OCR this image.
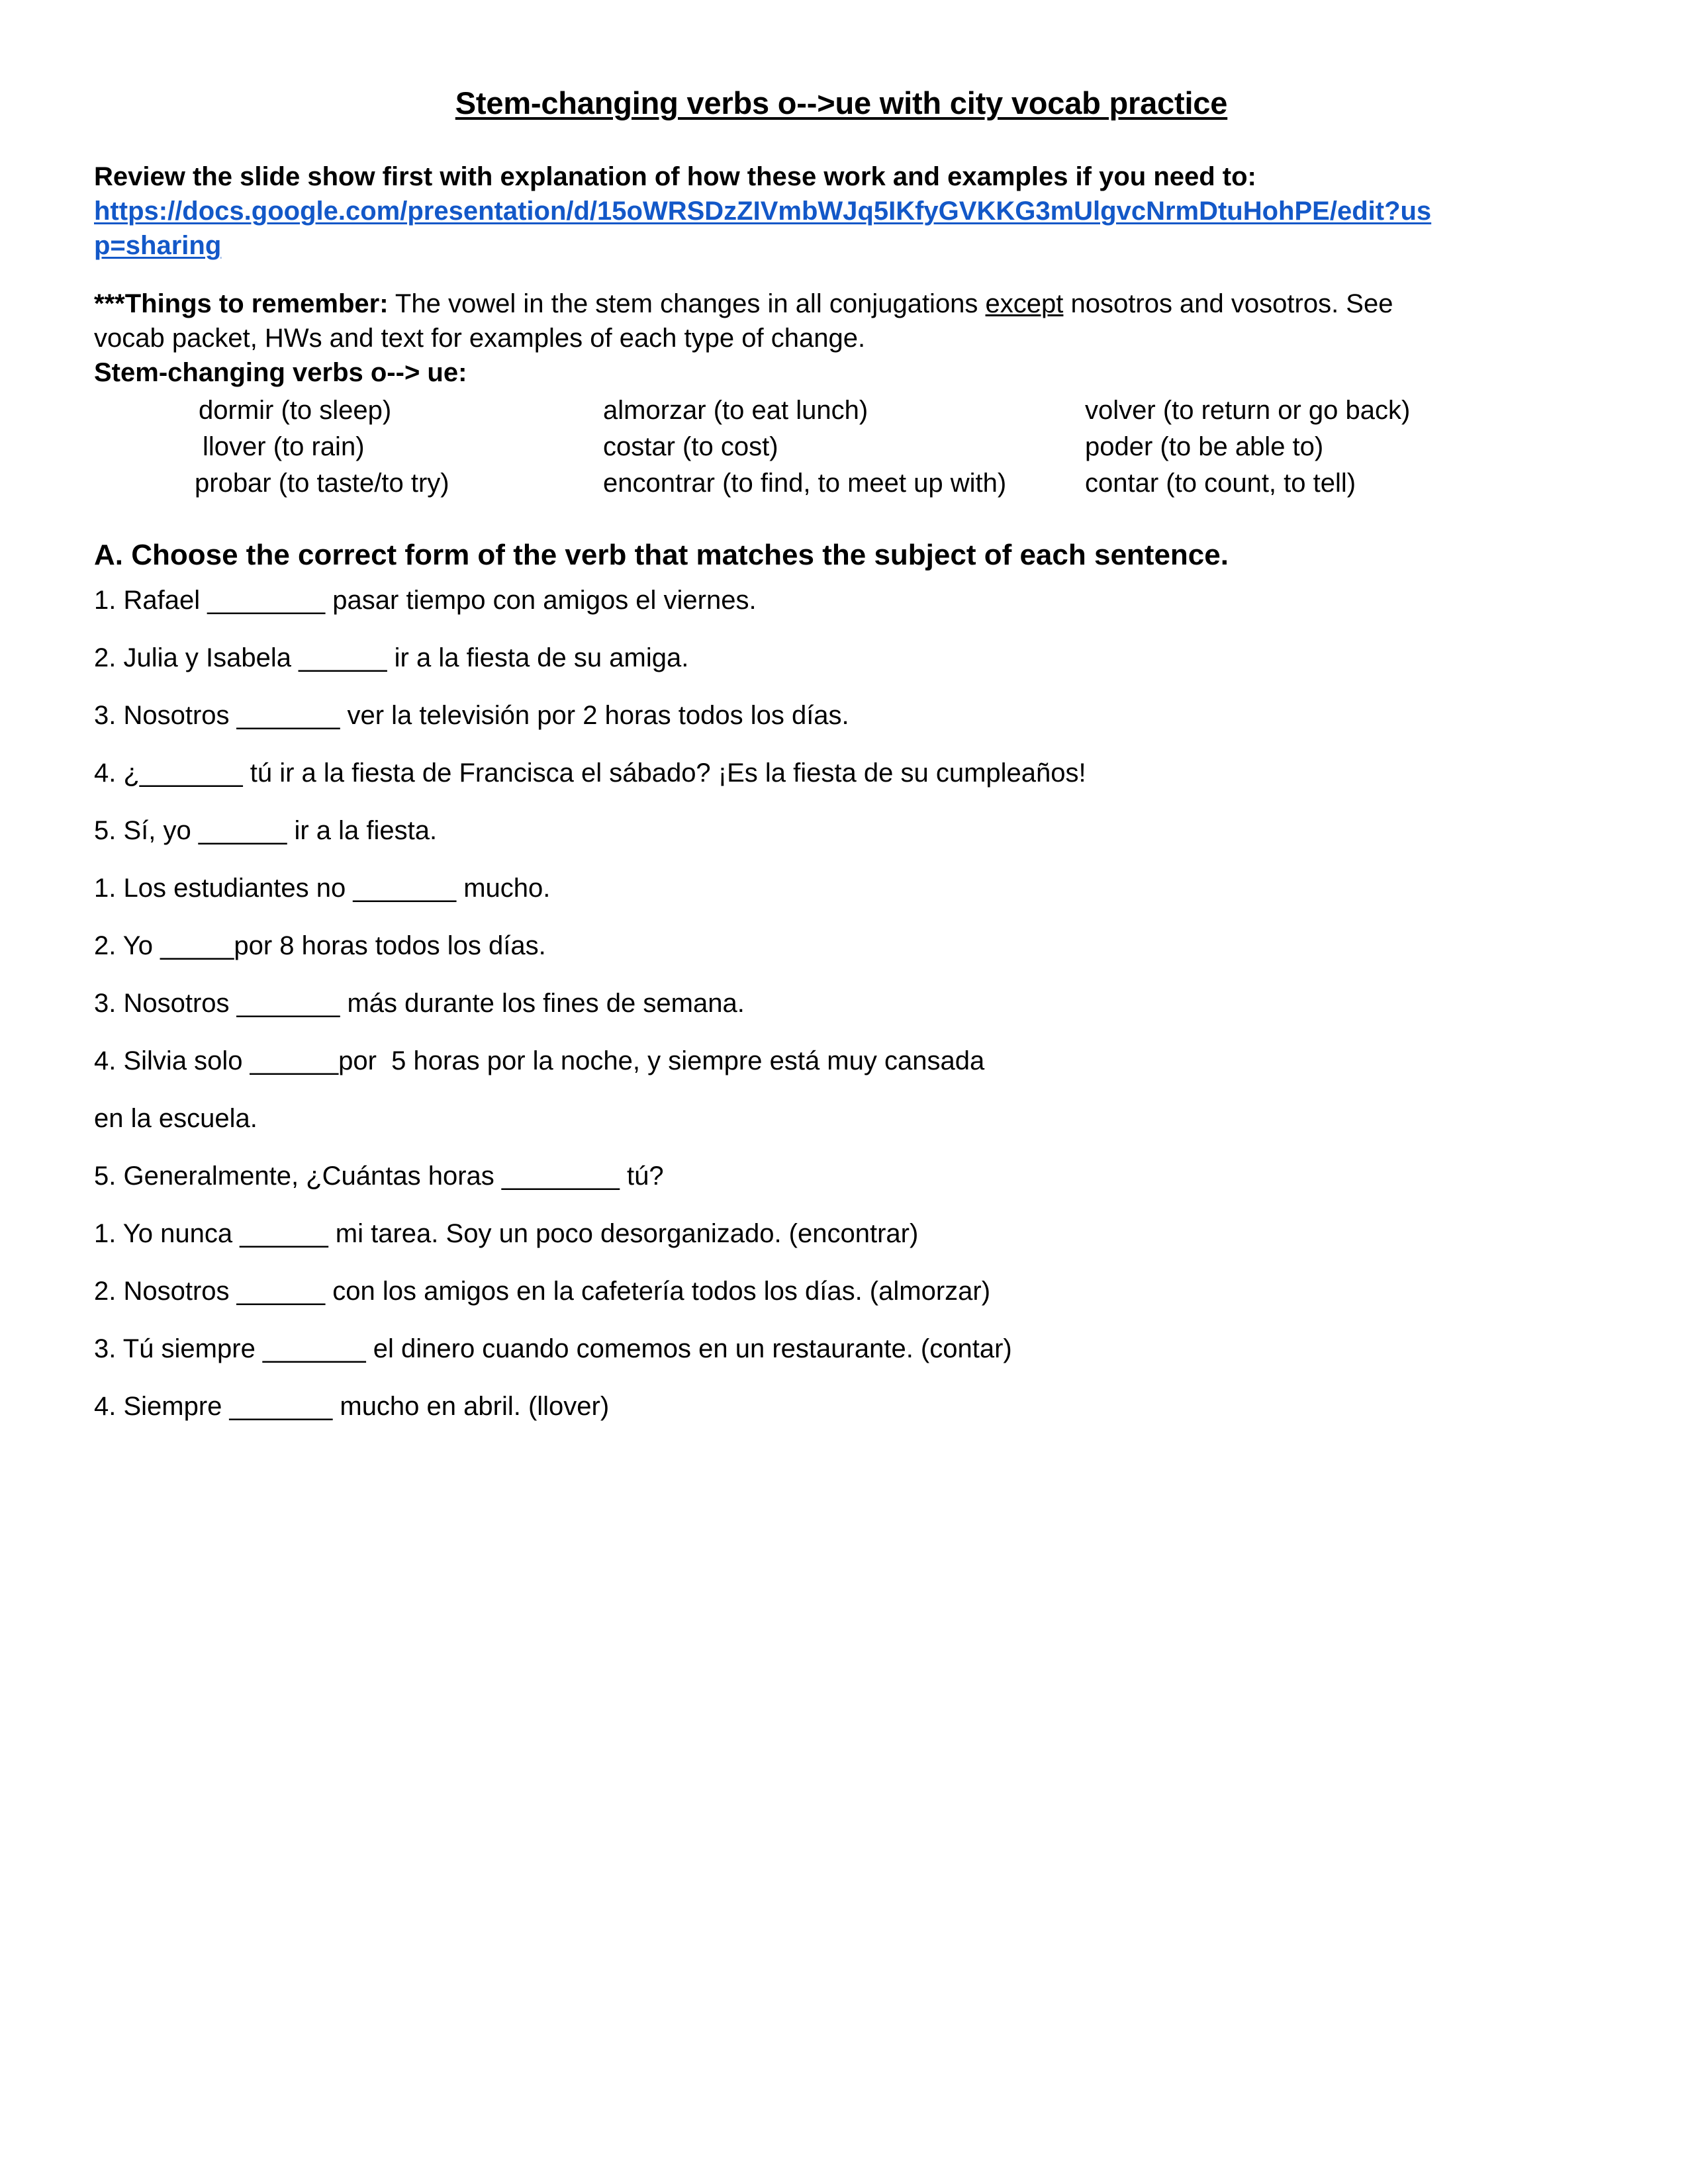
Stem-changing verbs o-->ue with city vocab practice

Review the slide show first with explanation of how these work and examples if you need to:

https://docs.google.com/presentation/d/15oWRSDzZIVmbWJq5IKfyGVKKG3mUlgvcNrmDtuHohPE/edit?usp=sharing

***Things to remember: The vowel in the stem changes in all conjugations except nosotros and vosotros. See vocab packet, HWs and text for examples of each type of change.

Stem-changing verbs o--> ue:

dormir (to sleep)	almorzar (to eat lunch)	volver (to return or go back)
llover (to rain)	costar (to cost)	poder (to be able to)
probar (to taste/to try)	encontrar (to find, to meet up with)	contar (to count, to tell)
A. Choose the correct form of the verb that matches the subject of each sentence.

1. Rafael ________ pasar tiempo con amigos el viernes.

2. Julia y Isabela ______ ir a la fiesta de su amiga.

3. Nosotros _______ ver la televisión por 2 horas todos los días.

4. ¿_______ tú ir a la fiesta de Francisca el sábado? ¡Es la fiesta de su cumpleaños!

5. Sí, yo ______ ir a la fiesta.

1. Los estudiantes no _______ mucho.

2. Yo _____por 8 horas todos los días.

3. Nosotros _______ más durante los fines de semana.

4. Silvia solo ______por  5 horas por la noche, y siempre está muy cansada

en la escuela.

5. Generalmente, ¿Cuántas horas ________ tú?

1. Yo nunca ______ mi tarea. Soy un poco desorganizado. (encontrar)

2. Nosotros ______ con los amigos en la cafetería todos los días. (almorzar)

3. Tú siempre _______ el dinero cuando comemos en un restaurante. (contar)

4. Siempre _______ mucho en abril. (llover)
